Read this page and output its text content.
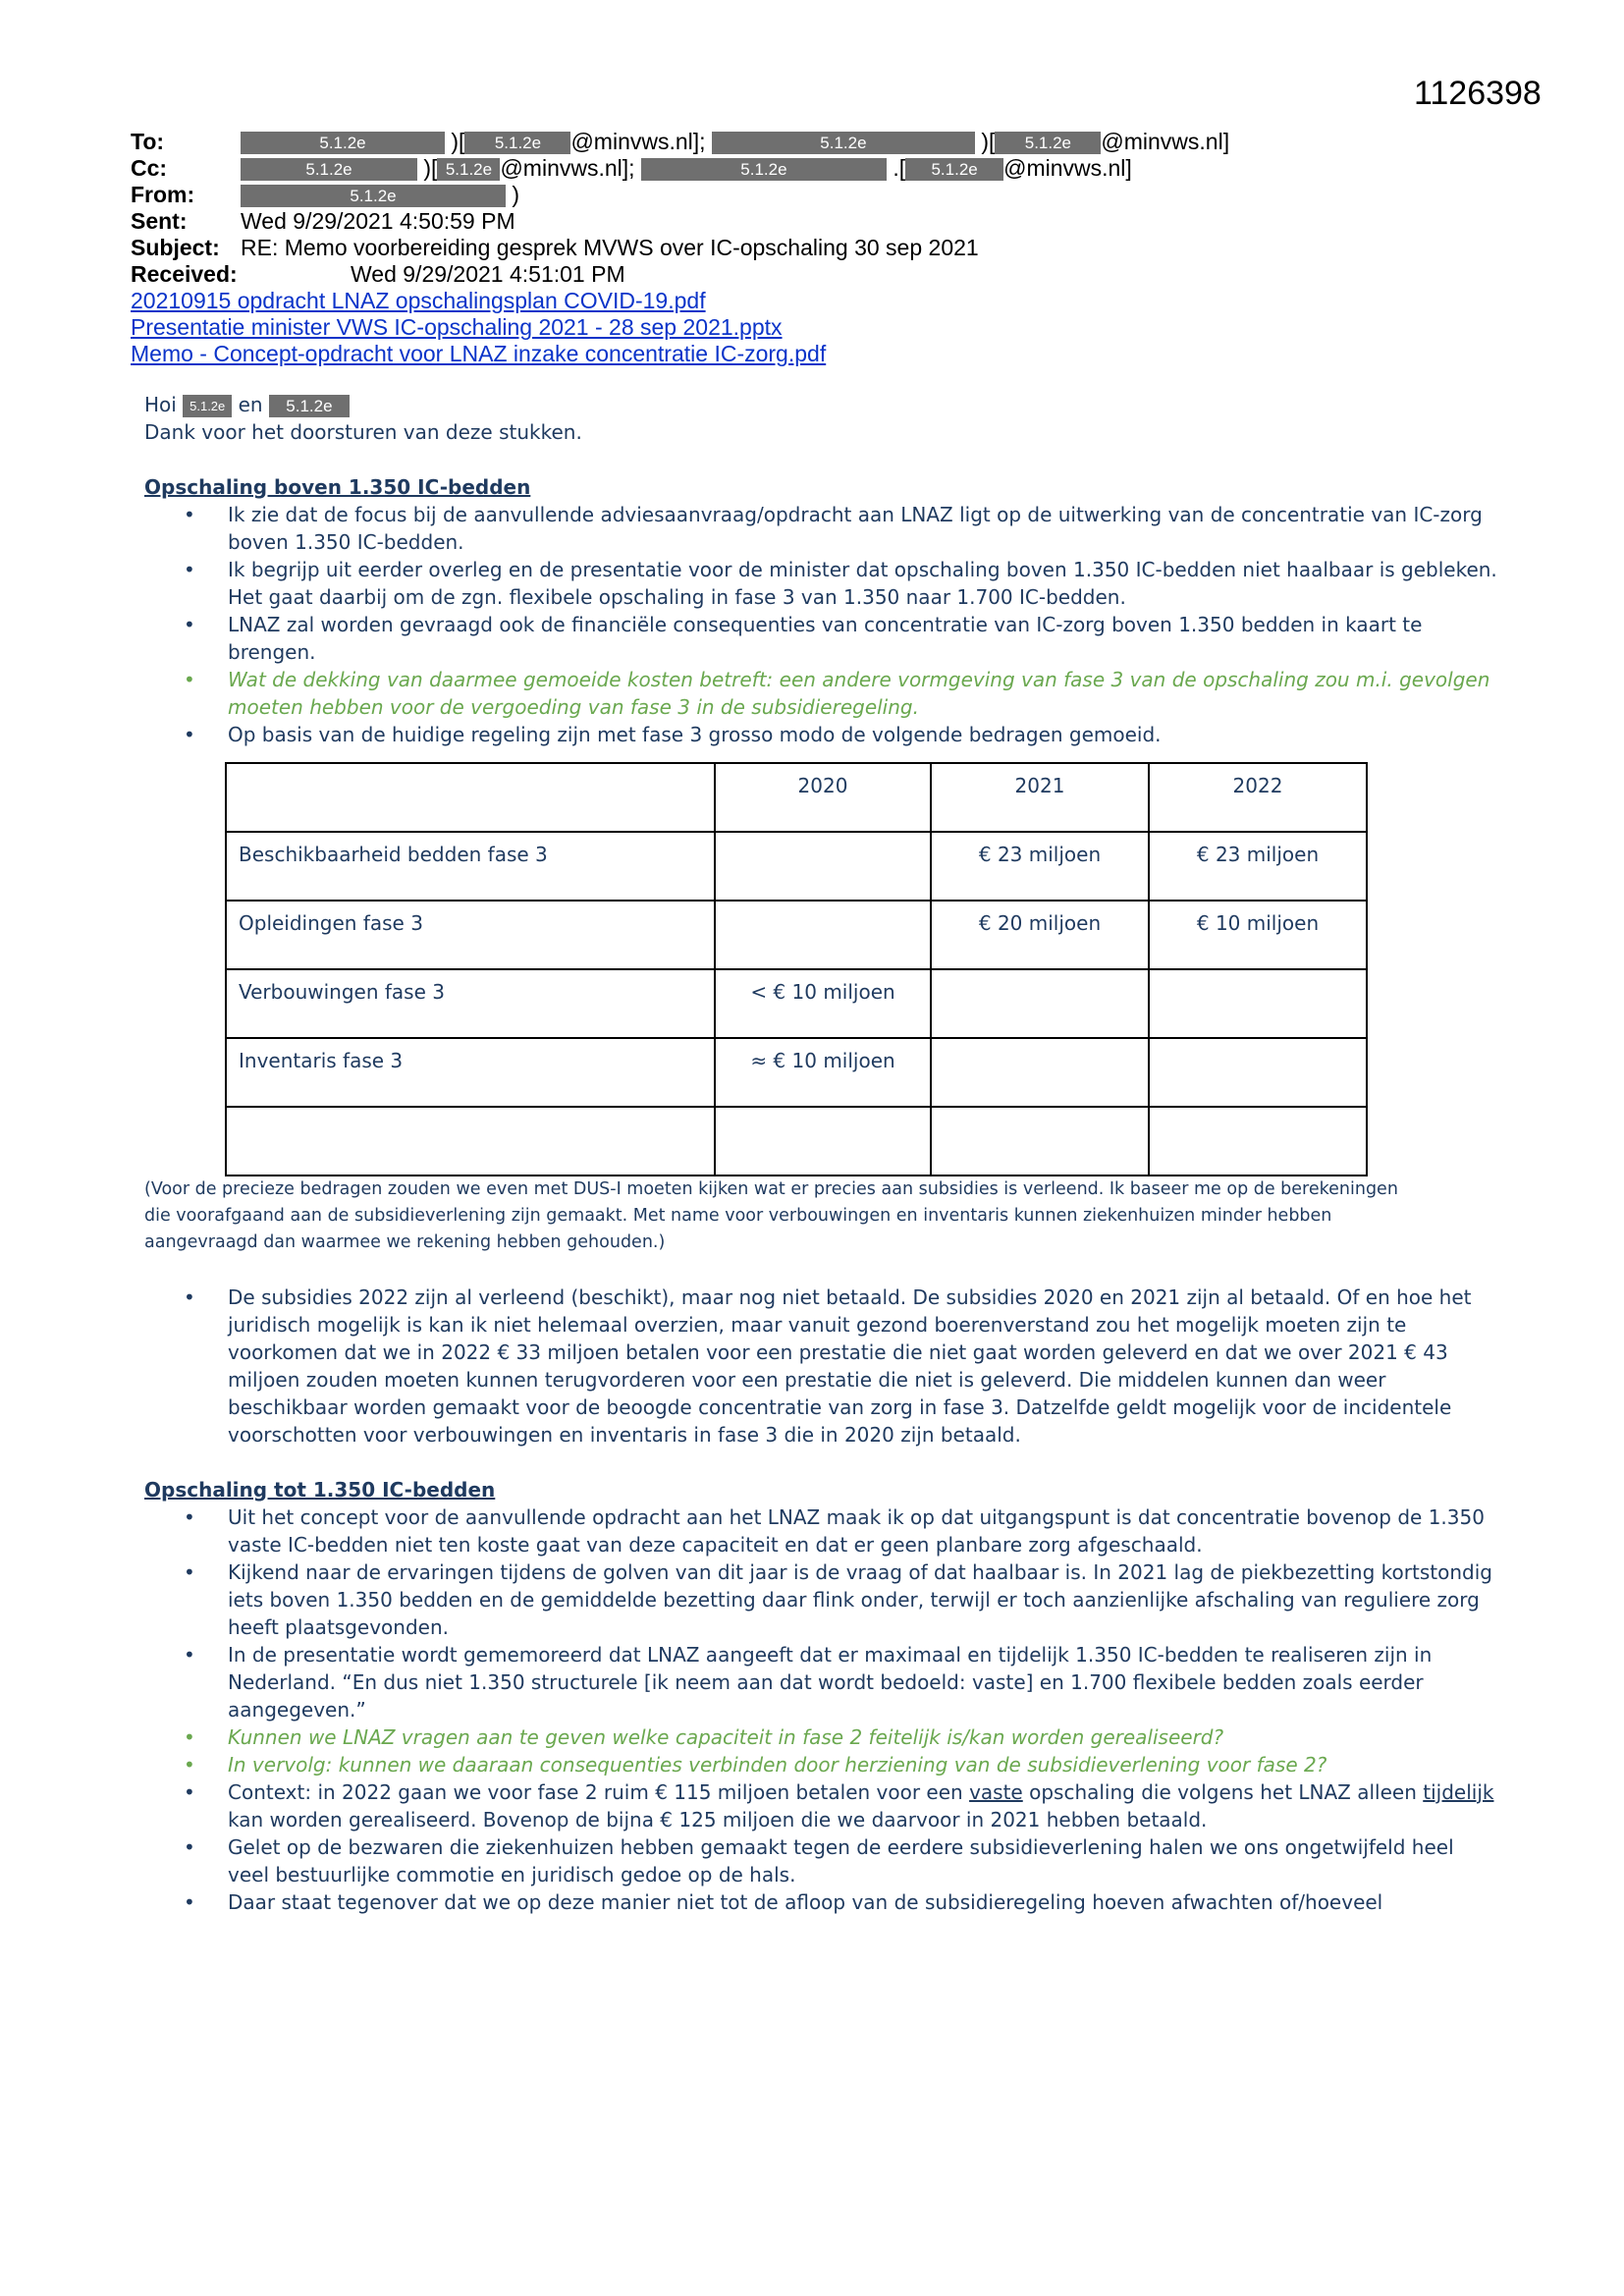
1126398
To:	5.1.2e	)[ 5.1.2e @minvws.nl];	5.1.2e	)[ 5.1.2e @minvws.nl]
Cc:	5.1.2e	)[ 5.1.2e @minvws.nl];	5.1.2e	.[ 5.1.2e @minvws.nl]
From:	5.1.2e	)
Sent: Wed 9/29/2021 4:50:59 PM
Subject: RE: Memo voorbereiding gesprek MVWS over IC-opschaling 30 sep 2021
Received:	Wed 9/29/2021 4:51:01 PM
20210915 opdracht LNAZ opschalingsplan COVID-19.pdf
Presentatie minister VWS IC-opschaling 2021 - 28 sep 2021.pptx
Memo - Concept-opdracht voor LNAZ inzake concentratie IC-zorg.pdf

Hoi 5.1.2e en 5.1.2e

Dank voor het doorsturen van deze stukken.

Opschaling boven 1.350 IC-bedden

• Ik zie dat de focus bij de aanvullende adviesaanvraag/opdracht aan LNAZ ligt op de uitwerking van de concentratie van IC-zorg boven 1.350 IC-bedden.
• Ik begrijp uit eerder overleg en de presentatie voor de minister dat opschaling boven 1.350 IC-bedden niet haalbaar is gebleken. Het gaat daarbij om de zgn. flexibele opschaling in fase 3 van 1.350 naar 1.700 IC-bedden.
• LNAZ zal worden gevraagd ook de financiële consequenties van concentratie van IC-zorg boven 1.350 bedden in kaart te brengen.
• Wat de dekking van daarmee gemoeide kosten betreft: een andere vormgeving van fase 3 van de opschaling zou m.i. gevolgen moeten hebben voor de vergoeding van fase 3 in de subsidieregeling.
• Op basis van de huidige regeling zijn met fase 3 grosso modo de volgende bedragen gemoeid.
	2020	2021	2022
Beschikbaarheid bedden fase 3		€ 23 miljoen	€ 23 miljoen
Opleidingen fase 3		€ 20 miljoen	€ 10 miljoen
Verbouwingen fase 3	< € 10 miljoen		
Inventaris fase 3	≈ € 10 miljoen		

(Voor de precieze bedragen zouden we even met DUS-I moeten kijken wat er precies aan subsidies is verleend. Ik baseer me op de berekeningen die voorafgaand aan de subsidieverlening zijn gemaakt. Met name voor verbouwingen en inventaris kunnen ziekenhuizen minder hebben aangevraagd dan waarmee we rekening hebben gehouden.)

• De subsidies 2022 zijn al verleend (beschikt), maar nog niet betaald. De subsidies 2020 en 2021 zijn al betaald. Of en hoe het juridisch mogelijk is kan ik niet helemaal overzien, maar vanuit gezond boerenverstand zou het mogelijk moeten zijn te voorkomen dat we in 2022 € 33 miljoen betalen voor een prestatie die niet gaat worden geleverd en dat we over 2021 € 43 miljoen zouden moeten kunnen terugvorderen voor een prestatie die niet is geleverd. Die middelen kunnen dan weer beschikbaar worden gemaakt voor de beoogde concentratie van zorg in fase 3. Datzelfde geldt mogelijk voor de incidentele voorschotten voor verbouwingen en inventaris in fase 3 die in 2020 zijn betaald.

Opschaling tot 1.350 IC-bedden

• Uit het concept voor de aanvullende opdracht aan het LNAZ maak ik op dat uitgangspunt is dat concentratie bovenop de 1.350 vaste IC-bedden niet ten koste gaat van deze capaciteit en dat er geen planbare zorg afgeschaald.
• Kijkend naar de ervaringen tijdens de golven van dit jaar is de vraag of dat haalbaar is. In 2021 lag de piekbezetting kortstondig iets boven 1.350 bedden en de gemiddelde bezetting daar flink onder, terwijl er toch aanzienlijke afschaling van reguliere zorg heeft plaatsgevonden.
• In de presentatie wordt gememoreerd dat LNAZ aangeeft dat er maximaal en tijdelijk 1.350 IC-bedden te realiseren zijn in Nederland. “En dus niet 1.350 structurele [ik neem aan dat wordt bedoeld: vaste] en 1.700 flexibele bedden zoals eerder aangegeven.”
• Kunnen we LNAZ vragen aan te geven welke capaciteit in fase 2 feitelijk is/kan worden gerealiseerd?
• In vervolg: kunnen we daaraan consequenties verbinden door herziening van de subsidieverlening voor fase 2?
• Context: in 2022 gaan we voor fase 2 ruim € 115 miljoen betalen voor een vaste opschaling die volgens het LNAZ alleen tijdelijk kan worden gerealiseerd. Bovenop de bijna € 125 miljoen die we daarvoor in 2021 hebben betaald.
• Gelet op de bezwaren die ziekenhuizen hebben gemaakt tegen de eerdere subsidieverlening halen we ons ongetwijfeld heel veel bestuurlijke commotie en juridisch gedoe op de hals.
• Daar staat tegenover dat we op deze manier niet tot de afloop van de subsidieregeling hoeven afwachten of/hoeveel
